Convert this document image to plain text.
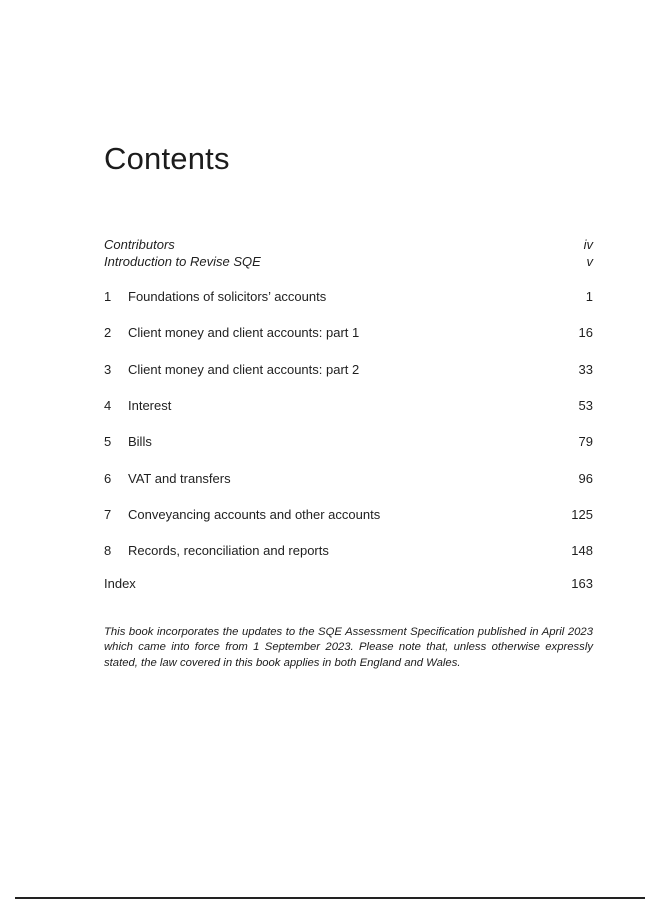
Contents
Contributors	iv
Introduction to Revise SQE	v
1 Foundations of solicitors’ accounts	1
2 Client money and client accounts: part 1	16
3 Client money and client accounts: part 2	33
4 Interest	53
5 Bills	79
6 VAT and transfers	96
7 Conveyancing accounts and other accounts	125
8 Records, reconciliation and reports	148
Index	163

This book incorporates the updates to the SQE Assessment Specification published in April 2023 which came into force from 1 September 2023. Please note that, unless otherwise expressly stated, the law covered in this book applies in both England and Wales.
